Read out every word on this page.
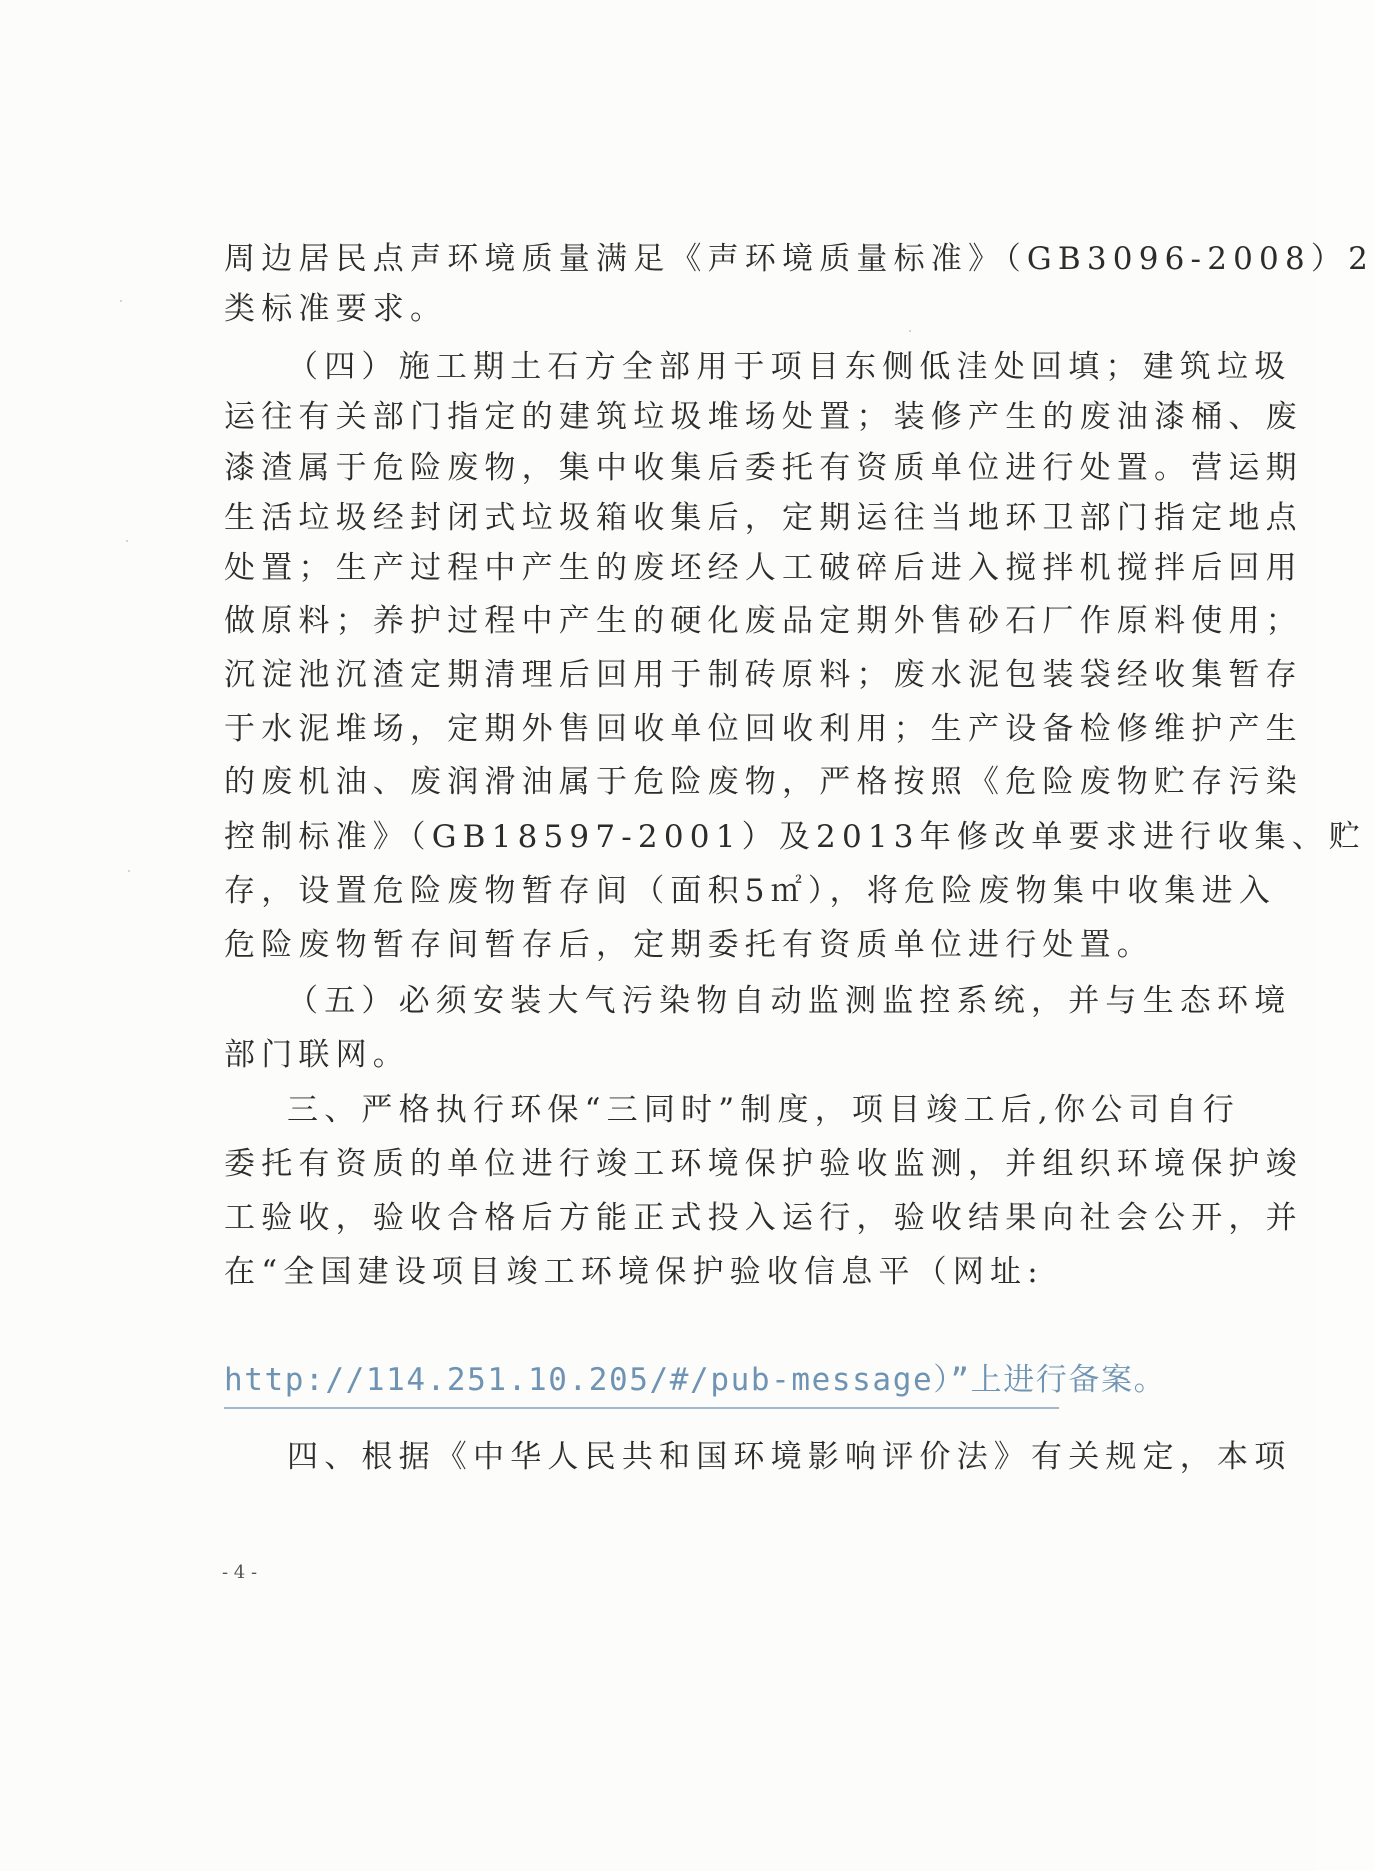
周边居民点声环境质量满足《声环境质量标准》（GB3096-2008）2
类标准要求。
（四）施工期土石方全部用于项目东侧低洼处回填；建筑垃圾
运往有关部门指定的建筑垃圾堆场处置；装修产生的废油漆桶、废
漆渣属于危险废物，集中收集后委托有资质单位进行处置。营运期
生活垃圾经封闭式垃圾箱收集后，定期运往当地环卫部门指定地点
处置；生产过程中产生的废坯经人工破碎后进入搅拌机搅拌后回用
做原料；养护过程中产生的硬化废品定期外售砂石厂作原料使用；
沉淀池沉渣定期清理后回用于制砖原料；废水泥包装袋经收集暂存
于水泥堆场，定期外售回收单位回收利用；生产设备检修维护产生
的废机油、废润滑油属于危险废物，严格按照《危险废物贮存污染
控制标准》（GB18597-2001）及2013年修改单要求进行收集、贮
存，设置危险废物暂存间（面积5㎡），将危险废物集中收集进入
危险废物暂存间暂存后，定期委托有资质单位进行处置。
（五）必须安装大气污染物自动监测监控系统，并与生态环境
部门联网。
三、严格执行环保“三同时”制度，项目竣工后,你公司自行
委托有资质的单位进行竣工环境保护验收监测，并组织环境保护竣
工验收，验收合格后方能正式投入运行，验收结果向社会公开，并
在“全国建设项目竣工环境保护验收信息平（网址:
http://114.251.10.205/#/pub-message）”上进行备案。
四、根据《中华人民共和国环境影响评价法》有关规定，本项
- 4 -
